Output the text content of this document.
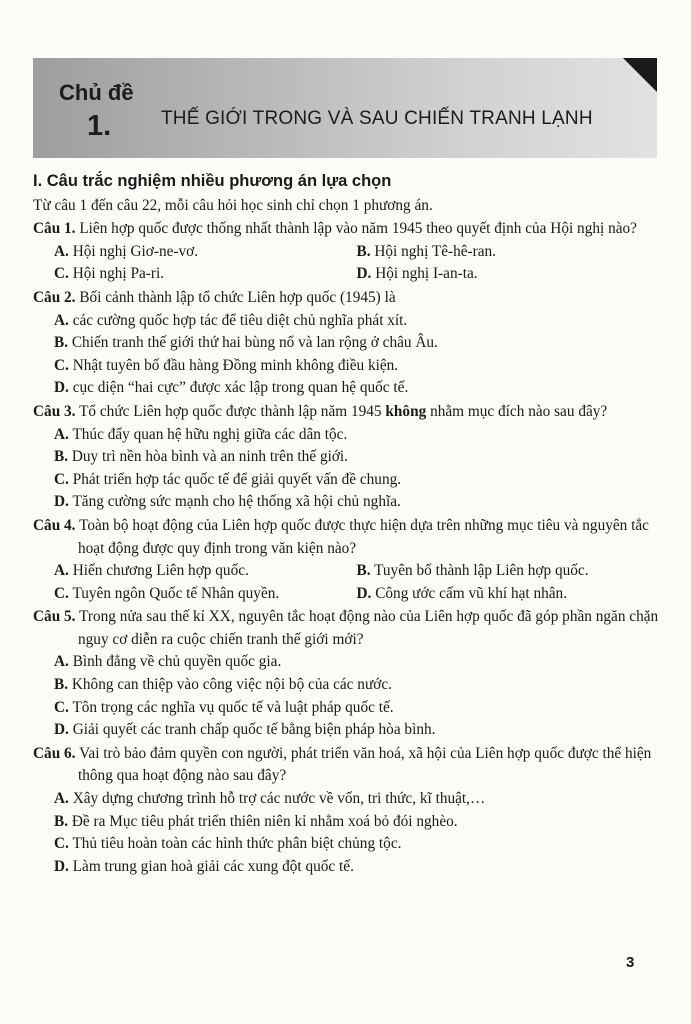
Chủ đề
1.	THẾ GIỚI TRONG VÀ SAU CHIẾN TRANH LẠNH
I. Câu trắc nghiệm nhiều phương án lựa chọn
Từ câu 1 đến câu 22, mỗi câu hỏi học sinh chỉ chọn 1 phương án.
Câu 1. Liên hợp quốc được thống nhất thành lập vào năm 1945 theo quyết định của Hội nghị nào?
A. Hội nghị Giơ-ne-vơ.	B. Hội nghị Tê-hê-ran.
C. Hội nghị Pa-ri.	D. Hội nghị I-an-ta.
Câu 2. Bối cảnh thành lập tổ chức Liên hợp quốc (1945) là
A. các cường quốc hợp tác để tiêu diệt chủ nghĩa phát xít.
B. Chiến tranh thế giới thứ hai bùng nổ và lan rộng ở châu Âu.
C. Nhật tuyên bố đầu hàng Đồng minh không điều kiện.
D. cục diện “hai cực” được xác lập trong quan hệ quốc tế.
Câu 3. Tổ chức Liên hợp quốc được thành lập năm 1945 không nhằm mục đích nào sau đây?
A. Thúc đẩy quan hệ hữu nghị giữa các dân tộc.
B. Duy trì nền hòa bình và an ninh trên thế giới.
C. Phát triển hợp tác quốc tế để giải quyết vấn đề chung.
D. Tăng cường sức mạnh cho hệ thống xã hội chủ nghĩa.
Câu 4. Toàn bộ hoạt động của Liên hợp quốc được thực hiện dựa trên những mục tiêu và nguyên tắc hoạt động được quy định trong văn kiện nào?
A. Hiến chương Liên hợp quốc.	B. Tuyên bố thành lập Liên hợp quốc.
C. Tuyên ngôn Quốc tế Nhân quyền.	D. Công ước cấm vũ khí hạt nhân.
Câu 5. Trong nửa sau thế kỉ XX, nguyên tắc hoạt động nào của Liên hợp quốc đã góp phần ngăn chặn nguy cơ diễn ra cuộc chiến tranh thế giới mới?
A. Bình đẳng về chủ quyền quốc gia.
B. Không can thiệp vào công việc nội bộ của các nước.
C. Tôn trọng các nghĩa vụ quốc tế và luật pháp quốc tế.
D. Giải quyết các tranh chấp quốc tế bằng biện pháp hòa bình.
Câu 6. Vai trò bảo đảm quyền con người, phát triển văn hoá, xã hội của Liên hợp quốc được thể hiện thông qua hoạt động nào sau đây?
A. Xây dựng chương trình hỗ trợ các nước về vốn, tri thức, kĩ thuật,…
B. Đề ra Mục tiêu phát triển thiên niên kỉ nhằm xoá bỏ đói nghèo.
C. Thủ tiêu hoàn toàn các hình thức phân biệt chủng tộc.
D. Làm trung gian hoà giải các xung đột quốc tế.
3
